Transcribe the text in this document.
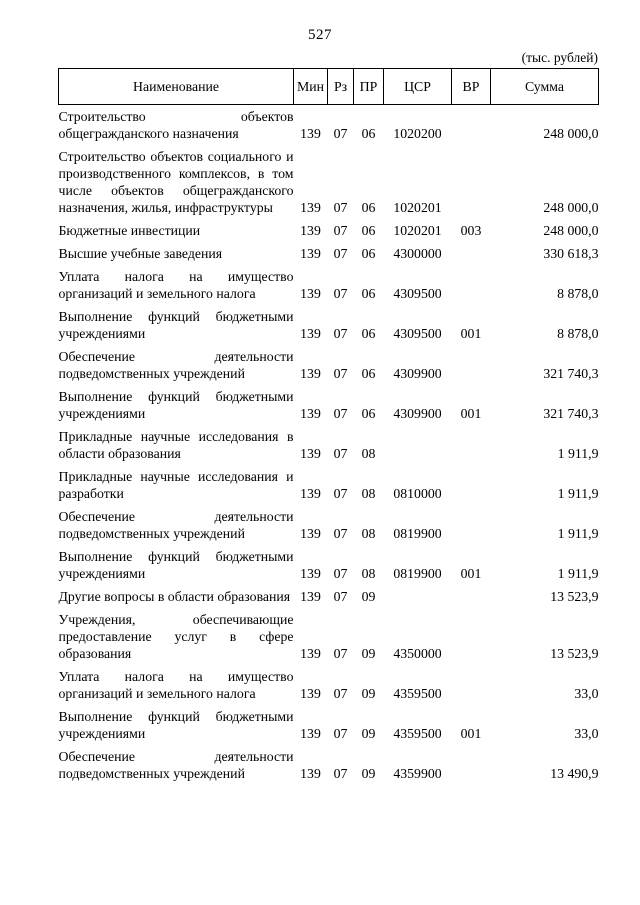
527
(тыс. рублей)
Наименование	Мин	Рз	ПР	ЦСР	ВР	Сумма
Строительство объектов общегражданского назначения	139	07	06	1020200		248 000,0
Строительство объектов социального и производственного комплексов, в том числе объектов общегражданского назначения, жилья, инфраструктуры	139	07	06	1020201		248 000,0
Бюджетные инвестиции	139	07	06	1020201	003	248 000,0
Высшие учебные заведения	139	07	06	4300000		330 618,3
Уплата налога на имущество организаций и земельного налога	139	07	06	4309500		8 878,0
Выполнение функций бюджетными учреждениями	139	07	06	4309500	001	8 878,0
Обеспечение деятельности подведомственных учреждений	139	07	06	4309900		321 740,3
Выполнение функций бюджетными учреждениями	139	07	06	4309900	001	321 740,3
Прикладные научные исследования в области образования	139	07	08			1 911,9
Прикладные научные исследования и разработки	139	07	08	0810000		1 911,9
Обеспечение деятельности подведомственных учреждений	139	07	08	0819900		1 911,9
Выполнение функций бюджетными учреждениями	139	07	08	0819900	001	1 911,9
Другие вопросы в области образования	139	07	09			13 523,9
Учреждения, обеспечивающие предоставление услуг в сфере образования	139	07	09	4350000		13 523,9
Уплата налога на имущество организаций и земельного налога	139	07	09	4359500		33,0
Выполнение функций бюджетными учреждениями	139	07	09	4359500	001	33,0
Обеспечение деятельности подведомственных учреждений	139	07	09	4359900		13 490,9
